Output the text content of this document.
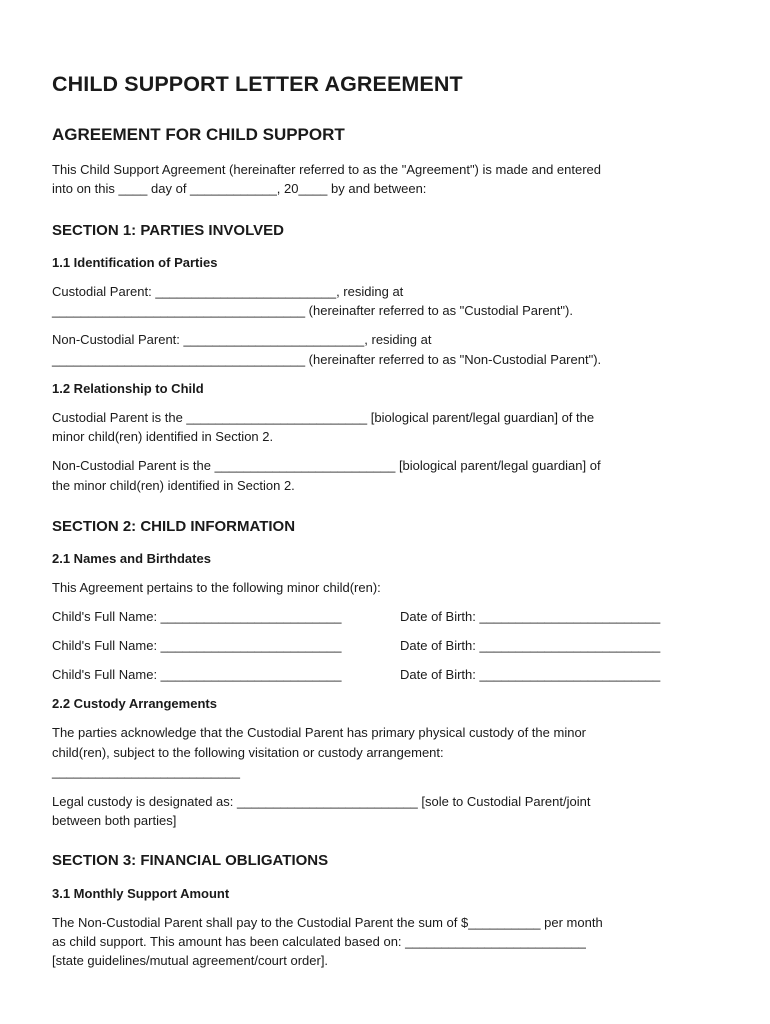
CHILD SUPPORT LETTER AGREEMENT
AGREEMENT FOR CHILD SUPPORT
This Child Support Agreement (hereinafter referred to as the "Agreement") is made and entered
into on this ____ day of ____________, 20____ by and between:
SECTION 1: PARTIES INVOLVED
1.1 Identification of Parties
Custodial Parent: _________________________, residing at
___________________________________ (hereinafter referred to as "Custodial Parent").
Non-Custodial Parent: _________________________, residing at
___________________________________ (hereinafter referred to as "Non-Custodial Parent").
1.2 Relationship to Child
Custodial Parent is the _________________________ [biological parent/legal guardian] of the
minor child(ren) identified in Section 2.
Non-Custodial Parent is the _________________________ [biological parent/legal guardian] of
the minor child(ren) identified in Section 2.
SECTION 2: CHILD INFORMATION
2.1 Names and Birthdates
This Agreement pertains to the following minor child(ren):
Child's Full Name: _________________________	Date of Birth: _________________________
Child's Full Name: _________________________	Date of Birth: _________________________
Child's Full Name: _________________________	Date of Birth: _________________________
2.2 Custody Arrangements
The parties acknowledge that the Custodial Parent has primary physical custody of the minor
child(ren), subject to the following visitation or custody arrangement:
__________________________
Legal custody is designated as: _________________________ [sole to Custodial Parent/joint
between both parties]
SECTION 3: FINANCIAL OBLIGATIONS
3.1 Monthly Support Amount
The Non-Custodial Parent shall pay to the Custodial Parent the sum of $__________ per month
as child support. This amount has been calculated based on: _________________________
[state guidelines/mutual agreement/court order].
